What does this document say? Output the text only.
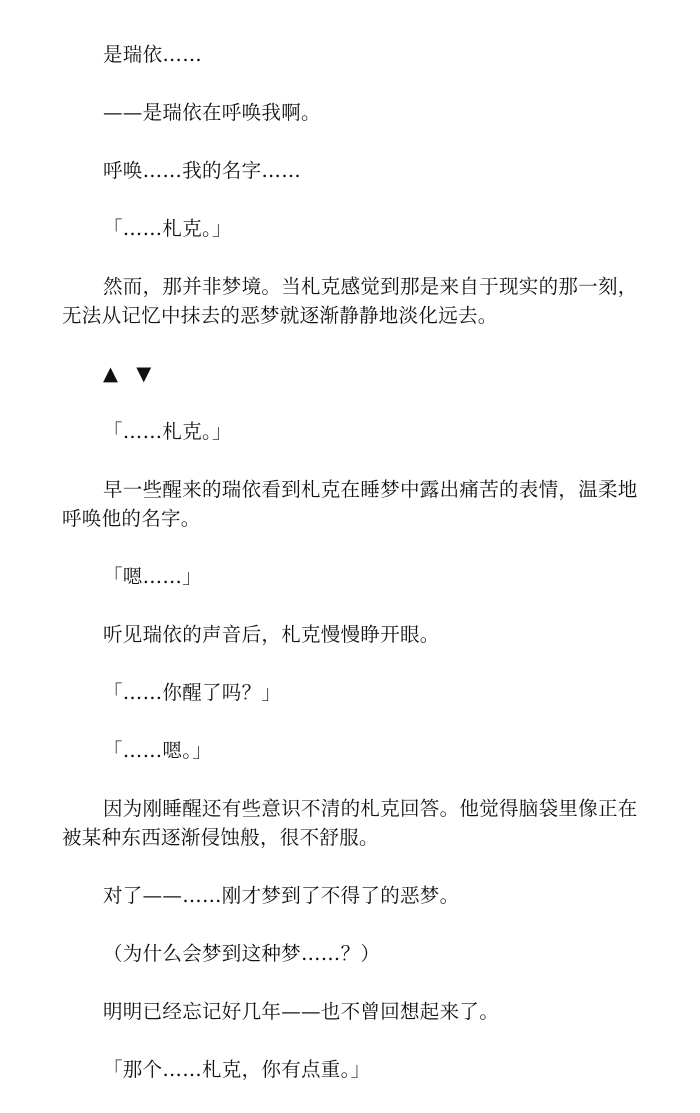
是瑞依……

——是瑞依在呼唤我啊。

呼唤……我的名字……

「……札克。」

然而，那并非梦境。当札克感觉到那是来自于现实的那一刻，无法从记忆中抹去的恶梦就逐渐静静地淡化远去。

▲ ▼

「……札克。」

早一些醒来的瑞依看到札克在睡梦中露出痛苦的表情，温柔地呼唤他的名字。

「嗯……」

听见瑞依的声音后，札克慢慢睁开眼。

「……你醒了吗？」

「……嗯。」

因为刚睡醒还有些意识不清的札克回答。他觉得脑袋里像正在被某种东西逐渐侵蚀般，很不舒服。

对了——……刚才梦到了不得了的恶梦。

（为什么会梦到这种梦……？）

明明已经忘记好几年——也不曾回想起来了。

「那个……札克，你有点重。」
